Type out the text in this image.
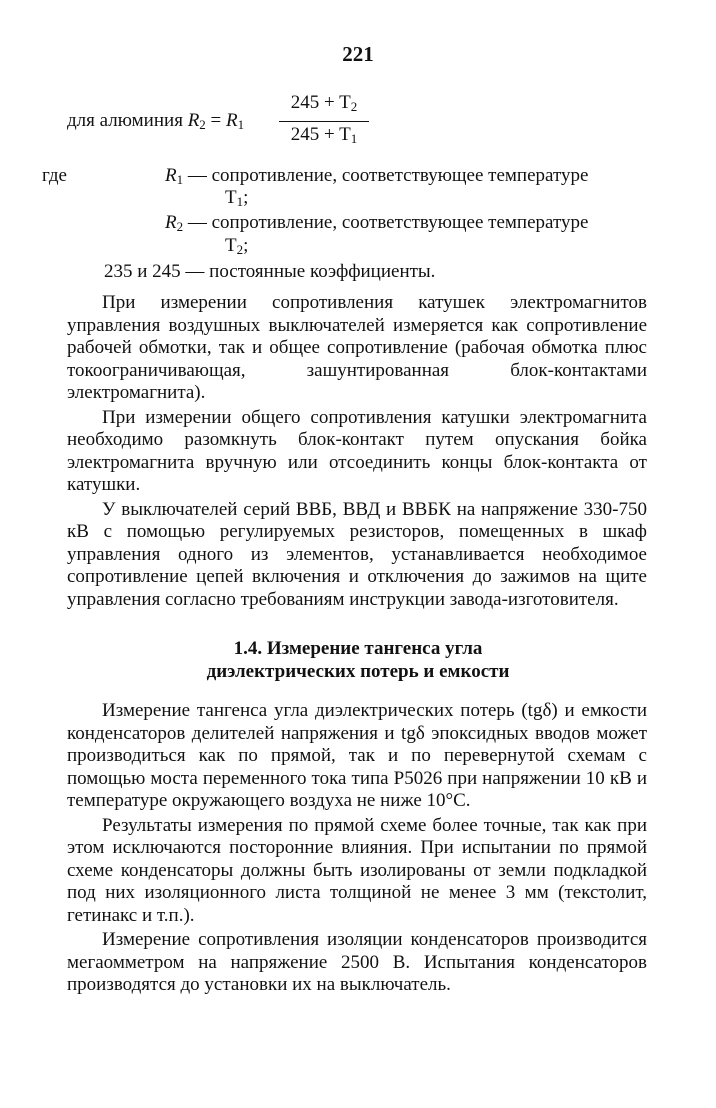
221
для алюминия $R_2 = R_1$
$245 + T_2$
$245 + T_1$
где	$R_1$ — сопротивление, соответствующее температуре
$T_1$;
$R_2$ — сопротивление, соответствующее температуре
$T_2$;
235 и 245 — постоянные коэффициенты.

При измерении сопротивления катушек электромагнитов управления воздушных выключателей измеряется как сопротивление рабочей обмотки, так и общее сопротивление (рабочая обмотка плюс токоограничивающая, зашунтированная блок-контактами электромагнита).

При измерении общего сопротивления катушки электромагнита необходимо разомкнуть блок-контакт путем опускания бойка электромагнита вручную или отсоединить концы блок-контакта от катушки.

У выключателей серий ВВБ, ВВД и ВВБК на напряжение 330-750 кВ с помощью регулируемых резисторов, помещенных в шкаф управления одного из элементов, устанавливается необходимое сопротивление цепей включения и отключения до зажимов на щите управления согласно требованиям инструкции завода-изготовителя.

1.4. Измерение тангенса угла
диэлектрических потерь и емкости

Измерение тангенса угла диэлектрических потерь (tgδ) и емкости конденсаторов делителей напряжения и tgδ эпоксидных вводов может производиться как по прямой, так и по перевернутой схемам с помощью моста переменного тока типа Р5026 при напряжении 10 кВ и температуре окружающего воздуха не ниже 10°С.

Результаты измерения по прямой схеме более точные, так как при этом исключаются посторонние влияния. При испытании по прямой схеме конденсаторы должны быть изолированы от земли подкладкой под них изоляционного листа толщиной не менее 3 мм (текстолит, гетинакс и т.п.).

Измерение сопротивления изоляции конденсаторов производится мегаомметром на напряжение 2500 В. Испытания конденсаторов производятся до установки их на выключатель.
